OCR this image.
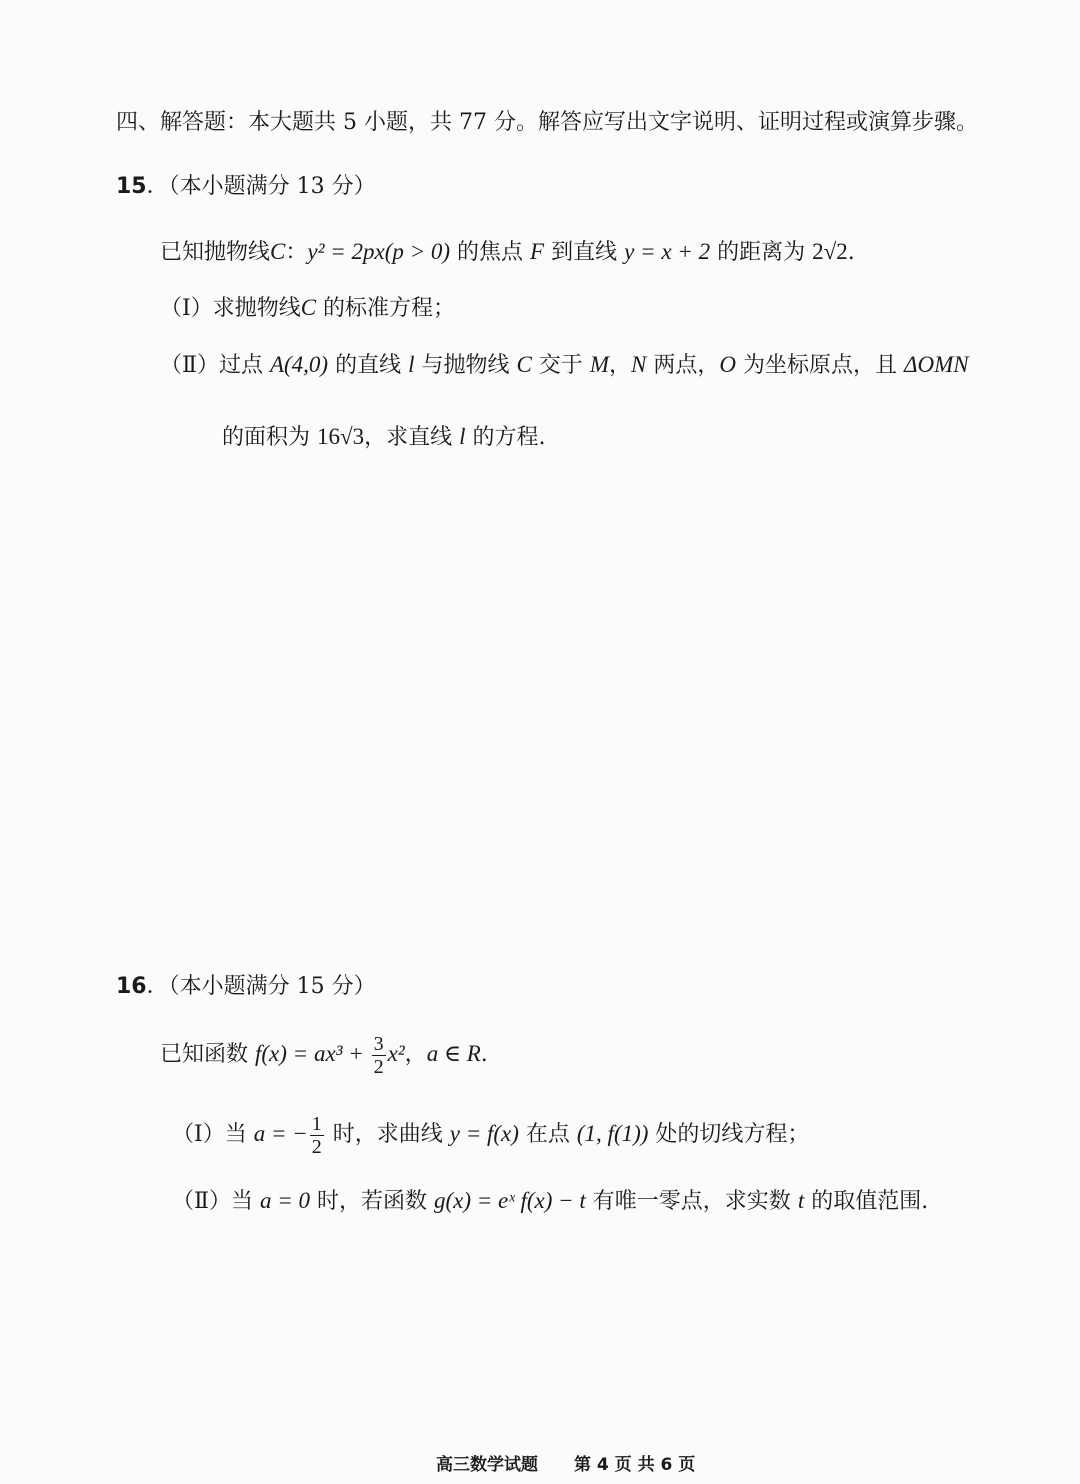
四、解答题：本大题共 5 小题，共 77 分。解答应写出文字说明、证明过程或演算步骤。
15．（本小题满分 13 分）
已知抛物线C：y² = 2px(p > 0) 的焦点 F 到直线 y = x + 2 的距离为 2√2.
（Ⅰ）求抛物线C 的标准方程；
（Ⅱ）过点 A(4,0) 的直线 l 与抛物线 C 交于 M，N 两点，O 为坐标原点，且 ΔOMN
的面积为 16√3，求直线 l 的方程.
16．（本小题满分 15 分）
已知函数 $f(x) = ax^3 + \frac{3}{2} x^2$，a ∈ R.
（Ⅰ）当 a = − $\frac{1}{2}$ 时，求曲线 y = f(x) 在点 (1, f(1)) 处的切线方程；
（Ⅱ）当 a = 0 时，若函数 g(x) = eˣ f(x) − t 有唯一零点，求实数 t 的取值范围.
高三数学试题 第 4 页 共 6 页
